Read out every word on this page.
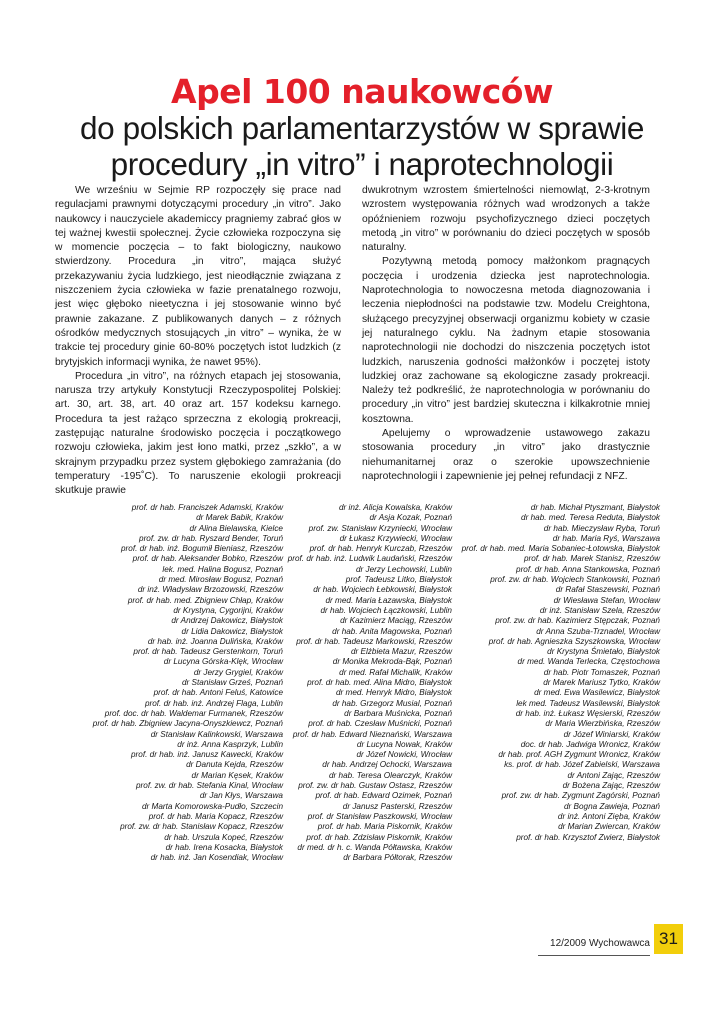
Apel 100 naukowców
do polskich parlamentarzystów w sprawie
procedury „in vitro” i naprotechnologii

We wrześniu w Sejmie RP rozpoczęły się prace nad regulacjami prawnymi dotyczącymi procedury „in vitro”. Jako naukowcy i nauczyciele akademiccy pragniemy zabrać głos w tej ważnej kwestii społecznej. Życie człowieka rozpoczyna się w momencie poczęcia – to fakt biologiczny, naukowo stwierdzony. Procedura „in vitro”, mająca służyć przekazywaniu życia ludzkiego, jest nieodłącznie związana z niszczeniem życia człowieka w fazie prenatalnego rozwoju, jest więc głęboko nieetyczna i jej stosowanie winno być prawnie zakazane. Z publikowanych danych – z różnych ośrodków medycznych stosujących „in vitro” – wynika, że w trakcie tej procedury ginie 60-80% poczętych istot ludzkich (z brytyjskich informacji wynika, że nawet 95%).

Procedura „in vitro”, na różnych etapach jej stosowania, narusza trzy artykuły Konstytucji Rzeczypospolitej Polskiej: art. 30, art. 38, art. 40 oraz art. 157 kodeksu karnego. Procedura ta jest rażąco sprzeczna z ekologią prokreacji, zastępując naturalne środowisko poczęcia i początkowego rozwoju człowieka, jakim jest łono matki, przez „szkło”, a w skrajnym przypadku przez system głębokiego zamrażania (do temperatury -195˚C). To naruszenie ekologii prokreacji skutkuje prawie

dwukrotnym wzrostem śmiertelności niemowląt, 2-3-krotnym wzrostem występowania różnych wad wrodzonych a także opóźnieniem rozwoju psychofizycznego dzieci poczętych metodą „in vitro” w porównaniu do dzieci poczętych w sposób naturalny.

Pozytywną metodą pomocy małżonkom pragnących poczęcia i urodzenia dziecka jest naprotechnologia. Naprotechnologia to nowoczesna metoda diagnozowania i leczenia niepłodności na podstawie tzw. Modelu Creightona, służącego precyzyjnej obserwacji organizmu kobiety w czasie jej naturalnego cyklu. Na żadnym etapie stosowania naprotechnologii nie dochodzi do niszczenia poczętych istot ludzkich, naruszenia godności małżonków i poczętej istoty ludzkiej oraz zachowane są ekologiczne zasady prokreacji. Należy też podkreślić, że naprotechnologia w porównaniu do procedury „in vitro” jest bardziej skuteczna i kilkakrotnie mniej kosztowna.

Apelujemy o wprowadzenie ustawowego zakazu stosowania procedury „in vitro” jako drastycznie niehumanitarnej oraz o szerokie upowszechnienie naprotechnologii i zapewnienie jej pełnej refundacji z NFZ.

prof. dr hab. Franciszek Adamski, Kraków
dr Marek Babik, Kraków
dr Alina Bielawska, Kielce
prof. zw. dr hab. Ryszard Bender, Toruń
prof. dr hab. inż. Bogumił Bieniasz, Rzeszów
prof. dr hab. Aleksander Bobko, Rzeszów
lek. med. Halina Bogusz, Poznań
dr med. Mirosław Bogusz, Poznań
dr inż. Władysław Brzozowski, Rzeszów
prof. dr hab. med. Zbigniew Chłap, Kraków
dr Krystyna, Cygorijni, Kraków
dr Andrzej Dakowicz, Białystok
dr Lidia Dakowicz, Białystok
dr hab. inż. Joanna Dulińska, Kraków
prof. dr hab. Tadeusz Gerstenkorn, Toruń
dr Lucyna Górska-Klęk, Wrocław
dr Jerzy Grygiel, Kraków
dr Stanisław Grześ, Poznań
prof. dr hab. Antoni Feluś, Katowice
prof. dr hab. inż. Andrzej Flaga, Lublin
prof. doc. dr hab. Waldemar Furmanek, Rzeszów
prof. dr hab. Zbigniew Jacyna-Onyszkiewcz, Poznań
dr Stanisław Kalinkowski, Warszawa
dr inż. Anna Kasprzyk, Lublin
prof. dr hab. inż. Janusz Kawecki, Kraków
dr Danuta Kejda, Rzeszów
dr Marian Kęsek, Kraków
prof. zw. dr hab. Stefania Kinal, Wrocław
dr Jan Kłys, Warszawa
dr Marta Komorowska-Pudło, Szczecin
prof. dr hab. Maria Kopacz, Rzeszów
prof. zw. dr hab. Stanisław Kopacz, Rzeszów
dr hab. Urszula Kopeć, Rzeszów
dr hab. Irena Kosacka, Białystok
dr hab. inż. Jan Kosendiak, Wrocław
dr inż. Alicja Kowalska, Kraków
dr Asja Kozak, Poznań
prof. zw. Stanisław Krzyniecki, Wrocław
dr Łukasz Krzywiecki, Wrocław
prof. dr hab. Henryk Kurczab, Rzeszów
prof. dr hab. inż. Ludwik Laudański, Rzeszów
dr Jerzy Lechowski, Lublin
prof. Tadeusz Litko, Białystok
dr hab. Wojciech Łebkowski, Białystok
dr med. Maria Łazawska, Białystok
dr hab. Wojciech Łączkowski, Lublin
dr Kazimierz Maciąg, Rzeszów
dr hab. Anita Magowska, Poznań
prof. dr hab. Tadeusz Markowski, Rzeszów
dr Elżbieta Mazur, Rzeszów
dr Monika Mekroda-Bąk, Poznań
dr med. Rafał Michalik, Kraków
prof. dr hab. med. Alina Midro, Białystok
dr med. Henryk Midro, Białystok
dr hab. Grzegorz Musial, Poznań
dr Barbara Muśnicka, Poznań
prof. dr hab. Czesław Muśnicki, Poznań
prof. dr hab. Edward Nieznański, Warszawa
dr Lucyna Nowak, Kraków
dr Józef Nowicki, Wrocław
dr hab. Andrzej Ochocki, Warszawa
dr hab. Teresa Olearczyk, Kraków
prof. zw. dr hab. Gustaw Ostasz, Rzeszów
prof. dr hab. Edward Ozimek, Poznań
dr Janusz Pasterski, Rzeszów
prof. dr Stanisław Paszkowski, Wrocław
prof. dr hab. Maria Piskornik, Kraków
prof. dr hab. Zdzisław Piskornik, Kraków
dr med. dr h. c. Wanda Półtawska, Kraków
dr Barbara Półtorak, Rzeszów
dr hab. Michał Ptyszmant, Białystok
dr hab. med. Teresa Reduta, Białystok
dr hab. Mieczysław Ryba, Toruń
dr hab. Maria Ryś, Warszawa
prof. dr hab. med. Maria Sobaniec-Łotowska, Białystok
prof. dr hab. Marek Stanisz, Rzeszów
prof. dr hab. Anna Stankowska, Poznań
prof. zw. dr hab. Wojciech Stankowski, Poznań
dr Rafał Staszewski, Poznań
dr Wiesława Stefan, Wrocław
dr inż. Stanisław Szela, Rzeszów
prof. zw. dr hab. Kazimierz Stępczak, Poznań
dr Anna Szuba-Trznadel, Wrocław
prof. dr hab. Agnieszka Szyszkowska, Wrocław
dr Krystyna Śmietało, Białystok
dr med. Wanda Terlecka, Częstochowa
dr hab. Piotr Tomaszek, Poznań
dr Marek Mariusz Tytko, Kraków
dr med. Ewa Wasilewicz, Białystok
lek med. Tadeusz Wasilewski, Białystok
dr hab. inż. Łukasz Węsierski, Rzeszów
dr Maria Wierzbińska, Rzeszów
dr Józef Winiarski, Kraków
doc. dr hab. Jadwiga Wronicz, Kraków
dr hab. prof. AGH Zygmunt Wronicz, Kraków
ks. prof. dr hab. Józef Zabielski, Warszawa
dr Antoni Zając, Rzeszów
dr Bożena Zając, Rzeszów
prof. zw. dr hab. Zygmunt Zagórski, Poznań
dr Bogna Zawieja, Poznań
dr inż. Antoni Zięba, Kraków
dr Marian Zwiercan, Kraków
prof. dr hab. Krzysztof Zwierz, Białystok
12/2009 Wychowawca 31
